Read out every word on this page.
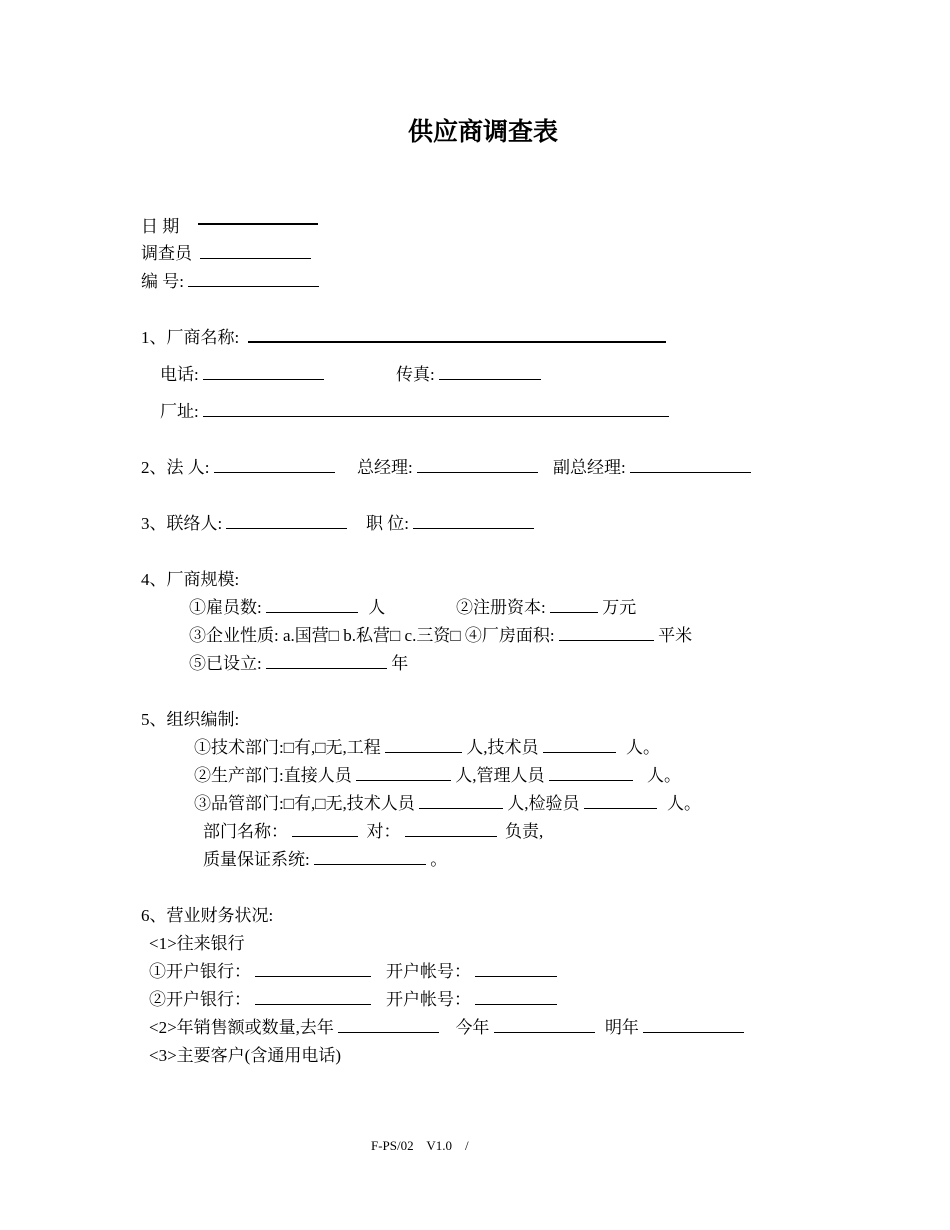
供应商调查表
日 期
调查员
编 号:
1、厂商名称:
电话:	传真:
厂址:
2、法 人:	总经理:	副总经理:
3、联络人:	职 位:
4、厂商规模:
①雇员数:	人	②注册资本:	万元
③企业性质: a.国营□ b.私营□ c.三资□ ④厂房面积:	平米
⑤已设立:	年
5、组织编制:
①技术部门:□有,□无,工程	人,技术员	人。
②生产部门:直接人员	人,管理人员	人。
③品管部门:□有,□无,技术人员	人,检验员	人。
部门名称：	对：	负责,
质量保证系统:	。
6、营业财务状况:
<1>往来银行
①开户银行：	开户帐号：
②开户银行：	开户帐号：
<2>年销售额或数量,去年	今年	明年
<3>主要客户(含通用电话)
F-PS/02    V1.0    /
